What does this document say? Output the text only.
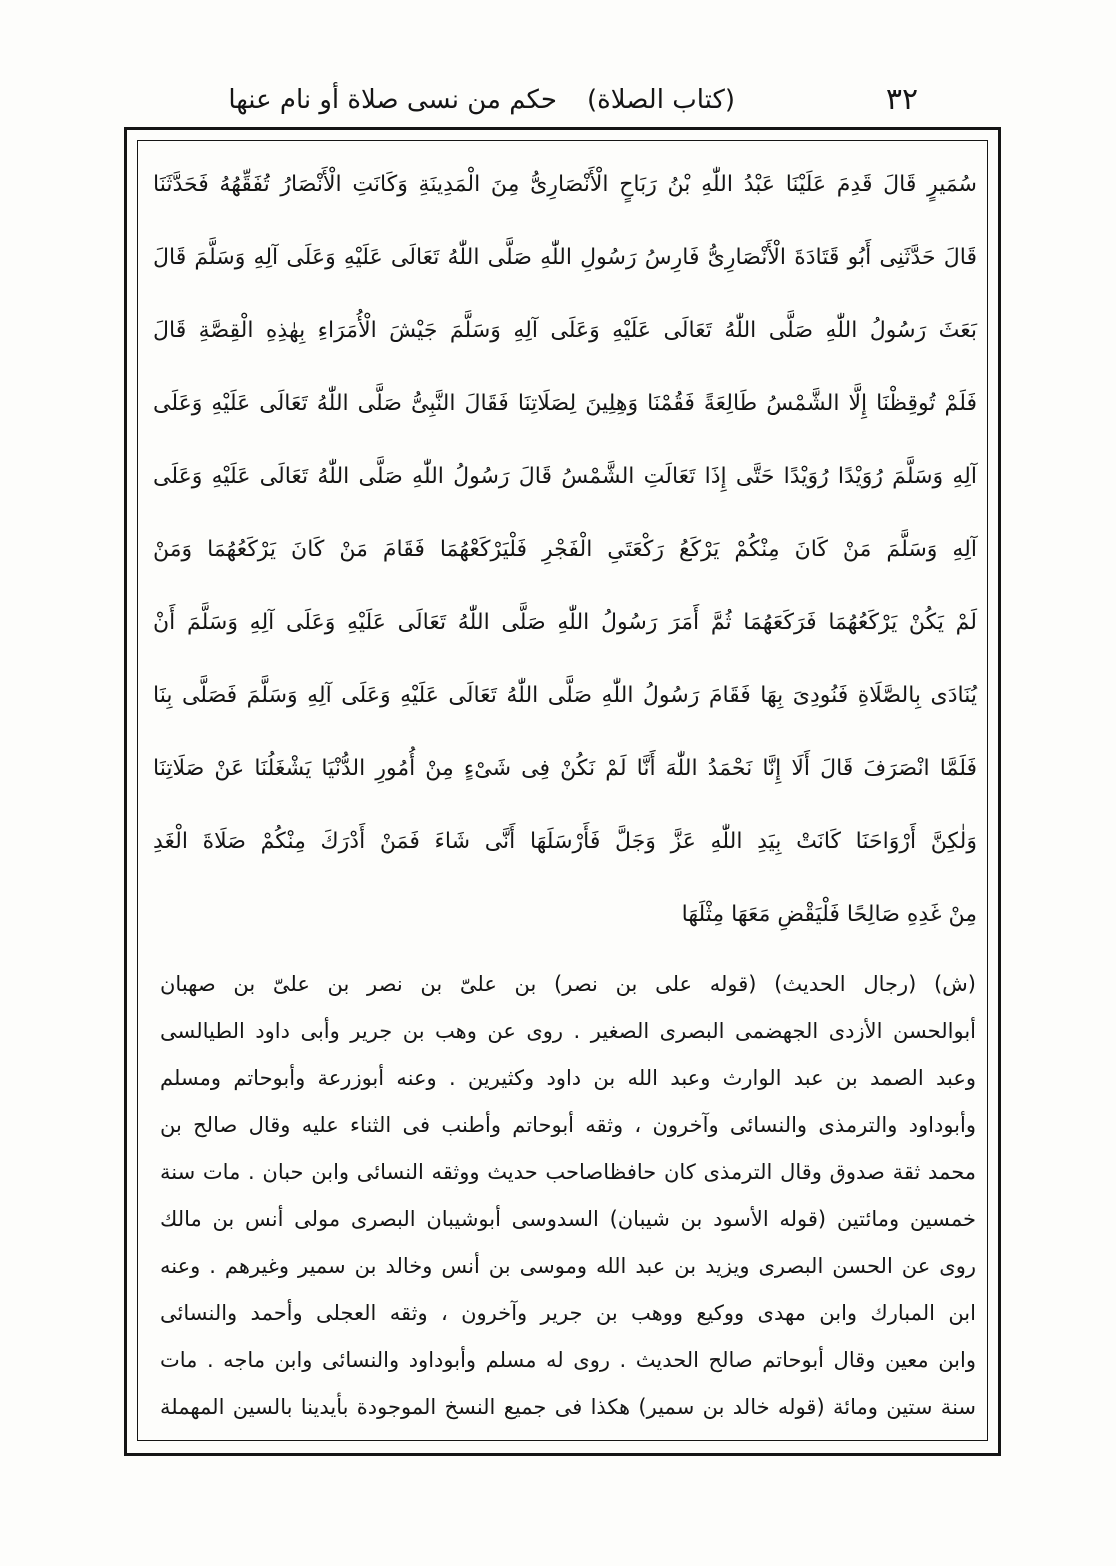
٣٢
(كتاب الصلاة)
حكم من نسى صلاة أو نام عنها
سُمَيرٍ قَالَ قَدِمَ عَلَيْنَا عَبْدُ اللّٰهِ بْنُ رَبَاحٍ الْأَنْصَارِىُّ مِنَ الْمَدِينَةِ وَكَانَتِ الْأَنْصَارُ تُفَقِّهُهُ فَحَدَّثَنَا
قَالَ حَدَّثَنِى أَبُو قَتَادَةَ الْأَنْصَارِىُّ فَارِسُ رَسُولِ اللّٰهِ صَلَّى اللّٰهُ تَعَالَى عَلَيْهِ وَعَلَى آلِهِ وَسَلَّمَ قَالَ
بَعَثَ رَسُولُ اللّٰهِ صَلَّى اللّٰهُ تَعَالَى عَلَيْهِ وَعَلَى آلِهِ وَسَلَّمَ جَيْشَ الْأُمَرَاءِ بِهٰذِهِ الْقِصَّةِ قَالَ
فَلَمْ تُوقِظْنَا إِلَّا الشَّمْسُ طَالِعَةً فَقُمْنَا وَهِلِينَ لِصَلَاتِنَا فَقَالَ النَّبِىُّ صَلَّى اللّٰهُ تَعَالَى عَلَيْهِ وَعَلَى
آلِهِ وَسَلَّمَ رُوَيْدًا رُوَيْدًا حَتَّى إِذَا تَعَالَتِ الشَّمْسُ قَالَ رَسُولُ اللّٰهِ صَلَّى اللّٰهُ تَعَالَى عَلَيْهِ وَعَلَى
آلِهِ وَسَلَّمَ مَنْ كَانَ مِنْكُمْ يَرْكَعُ رَكْعَتَىِ الْفَجْرِ فَلْيَرْكَعْهُمَا فَقَامَ مَنْ كَانَ يَرْكَعُهُمَا وَمَنْ
لَمْ يَكُنْ يَرْكَعُهُمَا فَرَكَعَهُمَا ثُمَّ أَمَرَ رَسُولُ اللّٰهِ صَلَّى اللّٰهُ تَعَالَى عَلَيْهِ وَعَلَى آلِهِ وَسَلَّمَ أَنْ
يُنَادَى بِالصَّلَاةِ فَنُودِىَ بِهَا فَقَامَ رَسُولُ اللّٰهِ صَلَّى اللّٰهُ تَعَالَى عَلَيْهِ وَعَلَى آلِهِ وَسَلَّمَ فَصَلَّى بِنَا
فَلَمَّا انْصَرَفَ قَالَ أَلَا إِنَّا نَحْمَدُ اللّٰهَ أَنَّا لَمْ نَكُنْ فِى شَىْءٍ مِنْ أُمُورِ الدُّنْيَا يَشْغَلُنَا عَنْ صَلَاتِنَا
وَلٰكِنَّ أَرْوَاحَنَا كَانَتْ بِيَدِ اللّٰهِ عَزَّ وَجَلَّ فَأَرْسَلَهَا أَنَّى شَاءَ فَمَنْ أَدْرَكَ مِنْكُمْ صَلَاةَ الْغَدِ
مِنْ غَدِهِ صَالِحًا فَلْيَقْضِ مَعَهَا مِثْلَهَا
(ش) (رجال الحديث) (قوله على بن نصر) بن علىّ بن نصر بن علىّ بن صهبان
أبوالحسن الأزدى الجهضمى البصرى الصغير . روى عن وهب بن جرير وأبى داود الطيالسى
وعبد الصمد بن عبد الوارث وعبد الله بن داود وكثيرين . وعنه أبوزرعة وأبوحاتم ومسلم
وأبوداود والترمذى والنسائى وآخرون ، وثقه أبوحاتم وأطنب فى الثناء عليه وقال صالح بن
محمد ثقة صدوق وقال الترمذى كان حافظاصاحب حديث ووثقه النسائى وابن حبان . مات سنة
خمسين ومائتين (قوله الأسود بن شيبان) السدوسى أبوشيبان البصرى مولى أنس بن مالك
روى عن الحسن البصرى ويزيد بن عبد الله وموسى بن أنس وخالد بن سمير وغيرهم . وعنه
ابن المبارك وابن مهدى ووكيع ووهب بن جرير وآخرون ، وثقه العجلى وأحمد والنسائى
وابن معين وقال أبوحاتم صالح الحديث . روى له مسلم وأبوداود والنسائى وابن ماجه . مات
سنة ستين ومائة (قوله خالد بن سمير) هكذا فى جميع النسخ الموجودة بأيدينا بالسين المهملة
